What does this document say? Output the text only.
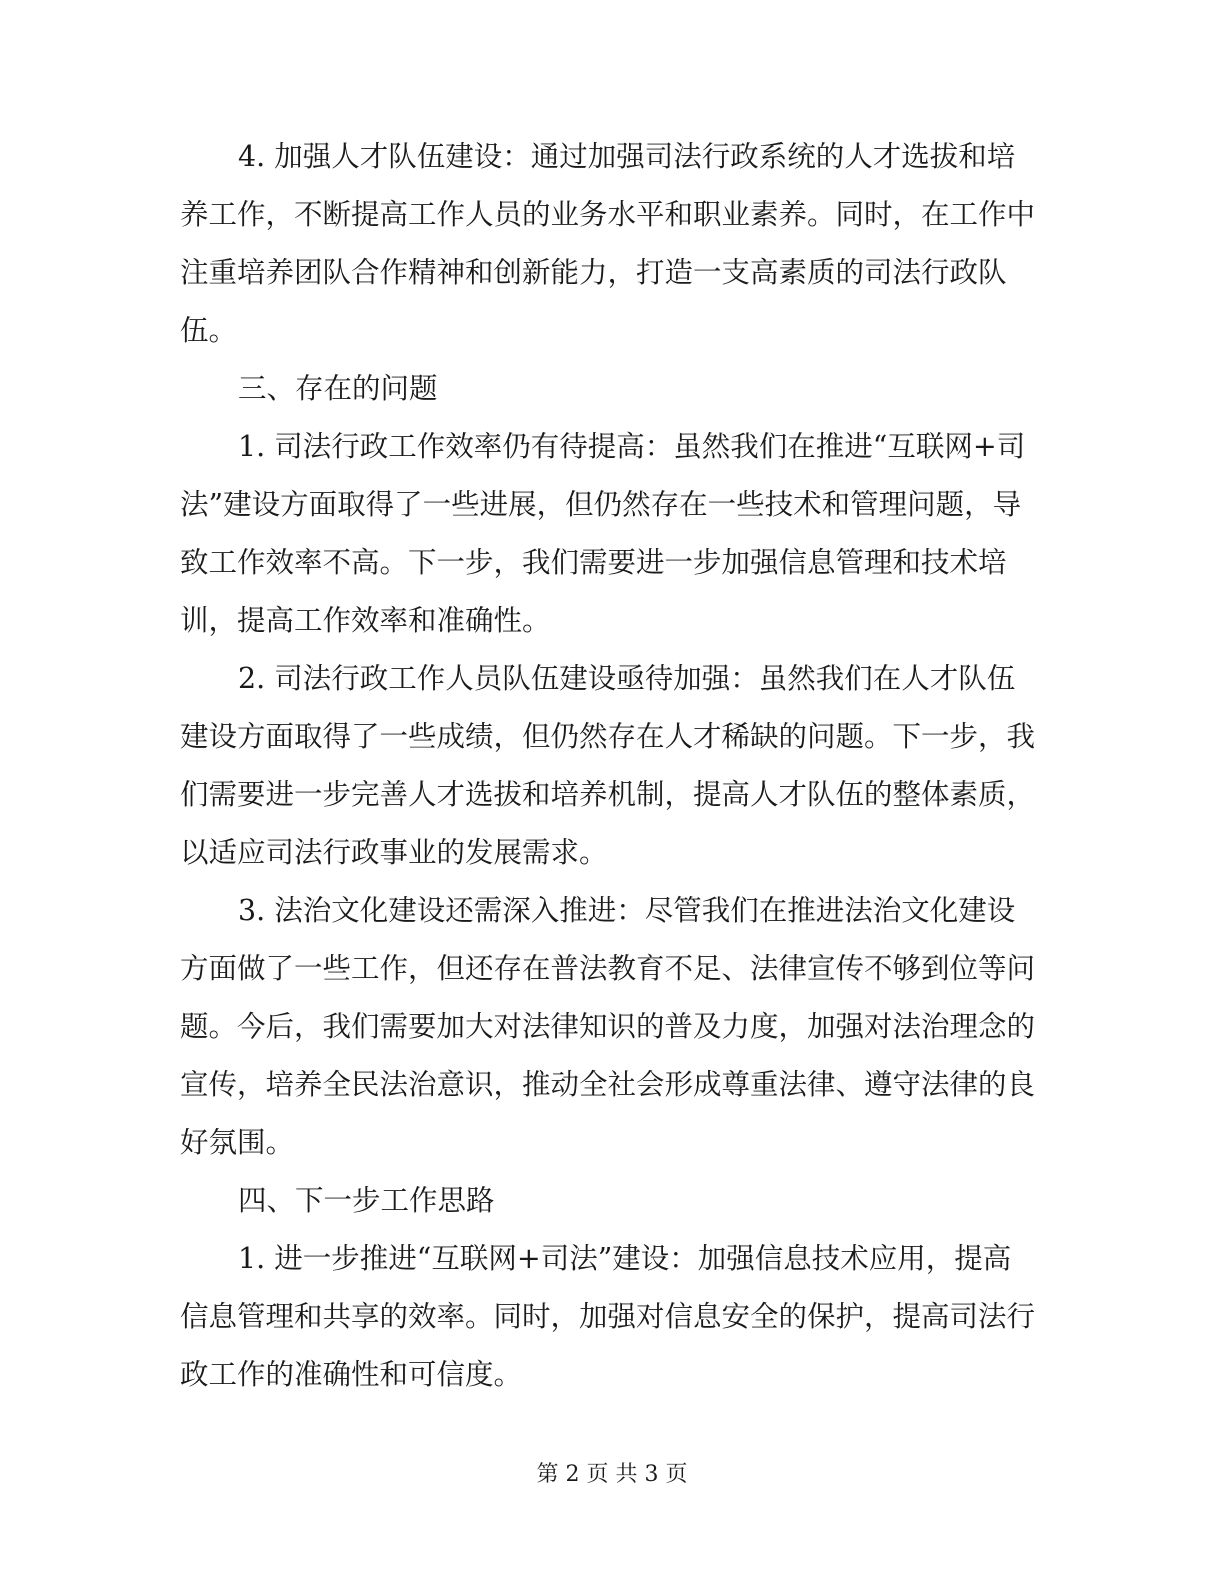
4. 加强人才队伍建设：通过加强司法行政系统的人才选拔和培养工作，不断提高工作人员的业务水平和职业素养。同时，在工作中注重培养团队合作精神和创新能力，打造一支高素质的司法行政队伍。

三、存在的问题

1. 司法行政工作效率仍有待提高：虽然我们在推进“互联网+司法”建设方面取得了一些进展，但仍然存在一些技术和管理问题，导致工作效率不高。下一步，我们需要进一步加强信息管理和技术培训，提高工作效率和准确性。

2. 司法行政工作人员队伍建设亟待加强：虽然我们在人才队伍建设方面取得了一些成绩，但仍然存在人才稀缺的问题。下一步，我们需要进一步完善人才选拔和培养机制，提高人才队伍的整体素质，以适应司法行政事业的发展需求。

3. 法治文化建设还需深入推进：尽管我们在推进法治文化建设方面做了一些工作，但还存在普法教育不足、法律宣传不够到位等问题。今后，我们需要加大对法律知识的普及力度，加强对法治理念的宣传，培养全民法治意识，推动全社会形成尊重法律、遵守法律的良好氛围。

四、下一步工作思路

1. 进一步推进“互联网+司法”建设：加强信息技术应用，提高信息管理和共享的效率。同时，加强对信息安全的保护，提高司法行政工作的准确性和可信度。

第 2 页 共 3 页
